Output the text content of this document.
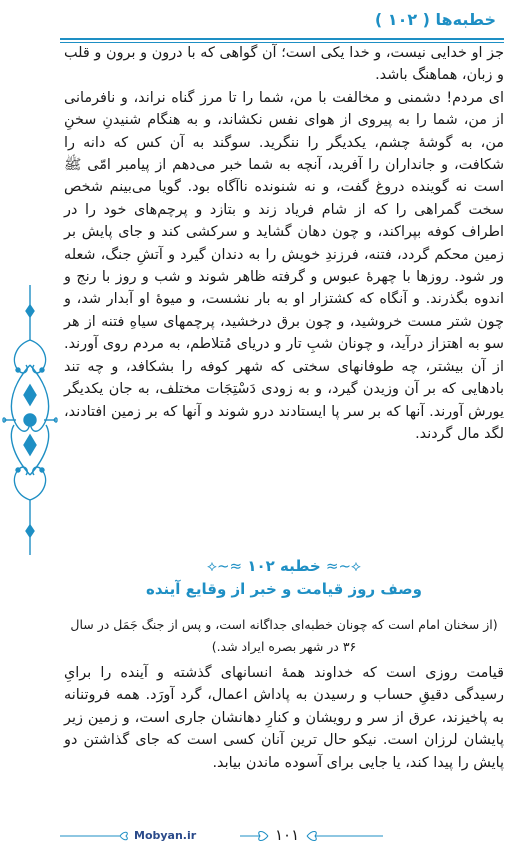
خطبه‌ها ( ۱۰۲ )

جز او خدایی نیست، و خدا یکی است؛ آن گواهی که با درون و برون و قلب و زبان، هماهنگ باشد.

ای مردم! دشمنی و مخالفت با من، شما را تا مرز گناه نراند، و نافرمانی از من، شما را به پیروی از هوای نفس نکشاند، و به هنگام شنیدنِ سخنِ من، به گوشهٔ چشم، یکدیگر را ننگرید. سوگند به آن کس که دانه را شکافت، و جانداران را آفرید، آنچه به شما خبر می‌دهم از پیامبر امّی ﷺ است نه گوینده دروغ گفت، و نه شنونده ناآگاه بود. گویا می‌بینم شخص سخت گمراهی را که از شام فریاد زند و بتازد و پرچم‌های خود را در اطراف کوفه بپراکند، و چون دهان گشاید و سرکشی کند و جای پایش بر زمین محکم گردد، فتنه، فرزندِ خویش را به دندان گیرد و آتشِ جنگ، شعله ور شود. روزها با چهرهٔ عبوس و گرفته ظاهر شوند و شب و روز با رنج و اندوه بگذرند. و آنگاه که کشتزار او به بار نشست، و میوهٔ او آبدار شد، و چون شتر مست خروشید، و چون برق درخشید، پرچمهای سیاهِ فتنه از هر سو به اهتزاز درآید، و چونان شبِ تار و دریای مُتلاطم، به مردم روی آورند. از آن بیشتر، چه طوفانهای سختی که شهر کوفه را بشکافد، و چه تند بادهایی که بر آن وزیدن گیرد، و به زودی دَسْتِجَات مختلف، به جان یکدیگر یورش آورند. آنها که بر سر پا ایستادند درو شوند و آنها که بر زمین افتادند، لگد مال گردند.

⟡~≈ خطبه ۱۰۲ ≈~⟡
وصف روز قیامت و خبر از وقایع آینده
(از سخنان امام است که چونان خطبه‌ای جداگانه است، و پس از جنگ جَمَل در سال ۳۶ در شهر بصره ایراد شد.)
قیامت روزی است که خداوند همهٔ انسانهای گذشته و آینده را برایِ رسیدگی دقیقِ حساب و رسیدن به پاداش اعمال، گرد آورَد. همه فروتنانه به پاخیزند، عرق از سر و رویشان و کنارِ دهانشان جاری است، و زمین زیر پایشان لرزان است. نیکو حال ترین آنان کسی است که جای گذاشتن دو پایش را پیدا کند، یا جایی برای آسوده ماندن بیابد.
Mobyan.ir	۱۰۱
